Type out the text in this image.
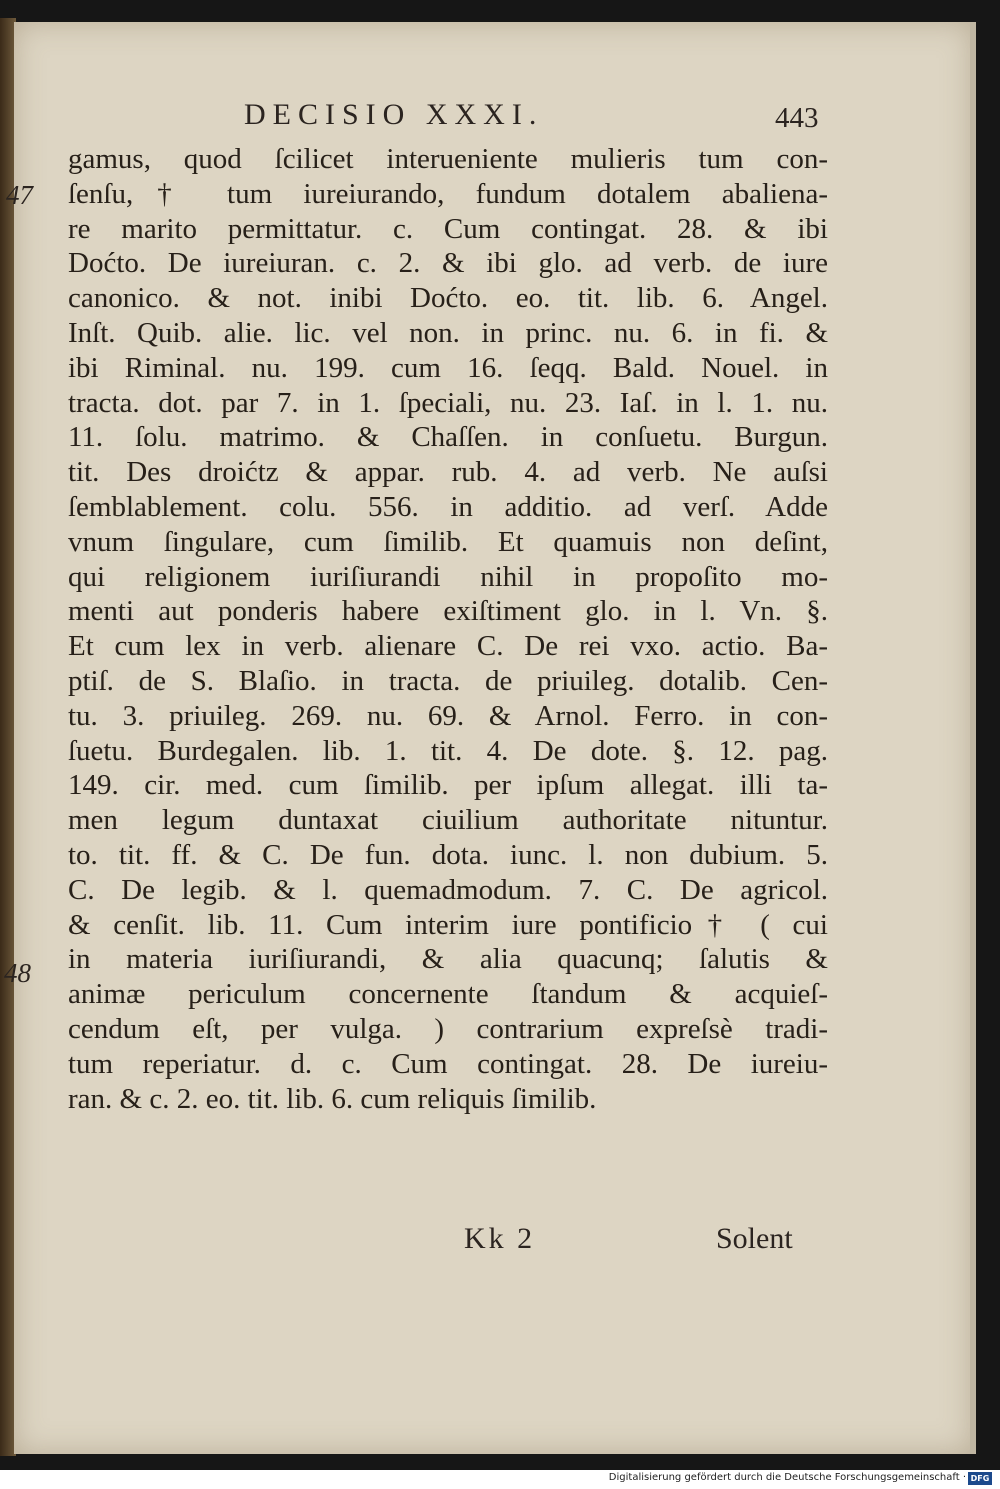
DECISIO XXXI.	443
47
48
gamus, quod ſcilicet interueniente mulieris tum con-
ſenſu,† tum iureiurando, fundum dotalem abaliena-
re marito permittatur. c. Cum contingat. 28. & ibi
Doćto. De iureiuran. c. 2. & ibi glo. ad verb. de iure
canonico. & not. inibi Doćto. eo. tit. lib. 6. Angel.
Inſt. Quib. alie. lic. vel non. in princ. nu. 6. in fi. &
ibi Riminal. nu. 199. cum 16. ſeqq. Bald. Nouel. in
tracta. dot. par 7. in 1. ſpeciali, nu. 23. Iaſ. in l. 1. nu.
11. ſolu. matrimo. & Chaſſen. in conſuetu. Burgun.
tit. Des droićtz & appar. rub. 4. ad verb. Ne auſsi
ſemblablement. colu. 556. in additio. ad verſ. Adde
vnum ſingulare, cum ſimilib. Et quamuis non deſint,
qui religionem iuriſiurandi nihil in propoſito mo-
menti aut ponderis habere exiſtiment glo. in l. Vn. §.
Et cum lex in verb. alienare C. De rei vxo. actio. Ba-
ptiſ. de S. Blaſio. in tracta. de priuileg. dotalib. Cen-
tu. 3. priuileg. 269. nu. 69. & Arnol. Ferro. in con-
ſuetu. Burdegalen. lib. 1. tit. 4. De dote. §. 12. pag.
149. cir. med. cum ſimilib. per ipſum allegat. illi ta-
men legum duntaxat ciuilium authoritate nituntur.
to. tit. ff. & C. De fun. dota. iunc. l. non dubium. 5.
C. De legib. & l. quemadmodum. 7. C. De agricol.
& cenſit. lib. 11. Cum interim iure pontificio† ( cui
in materia iuriſiurandi, & alia quacunq; ſalutis &
animæ periculum concernente ſtandum & acquieſ-
cendum eſt, per vulga. ) contrarium expreſsè tradi-
tum reperiatur. d. c. Cum contingat. 28. De iureiu-
ran. & c. 2. eo. tit. lib. 6. cum reliquis ſimilib.
Kk 2	Solent
Digitalisierung gefördert durch die Deutsche Forschungsgemeinschaft · DFG
